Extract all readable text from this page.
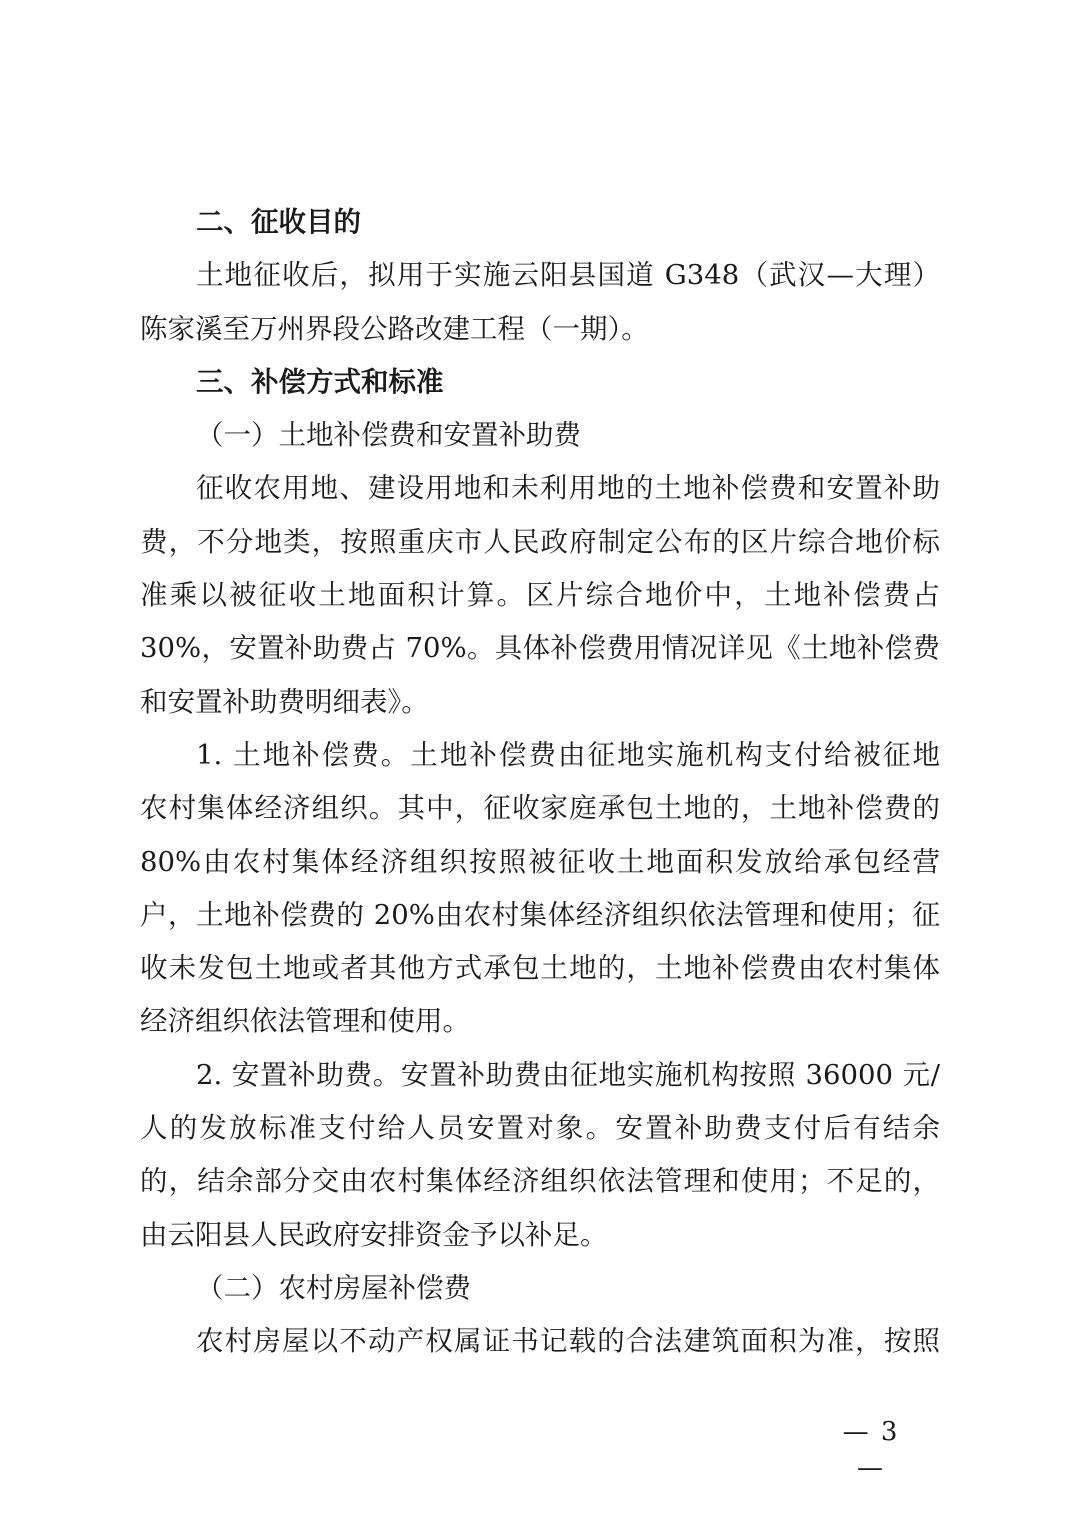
二、征收目的
土地征收后，拟用于实施云阳县国道 G348（武汉—大理）
陈家溪至万州界段公路改建工程（一期）。
三、补偿方式和标准
（一）土地补偿费和安置补助费
征收农用地、建设用地和未利用地的土地补偿费和安置补助
费，不分地类，按照重庆市人民政府制定公布的区片综合地价标
准乘以被征收土地面积计算。区片综合地价中，土地补偿费占
30%，安置补助费占 70%。具体补偿费用情况详见《土地补偿费
和安置补助费明细表》。
1. 土地补偿费。土地补偿费由征地实施机构支付给被征地
农村集体经济组织。其中，征收家庭承包土地的，土地补偿费的
80%由农村集体经济组织按照被征收土地面积发放给承包经营
户，土地补偿费的 20%由农村集体经济组织依法管理和使用；征
收未发包土地或者其他方式承包土地的，土地补偿费由农村集体
经济组织依法管理和使用。
2. 安置补助费。安置补助费由征地实施机构按照 36000 元/
人的发放标准支付给人员安置对象。安置补助费支付后有结余
的，结余部分交由农村集体经济组织依法管理和使用；不足的，
由云阳县人民政府安排资金予以补足。
（二）农村房屋补偿费
农村房屋以不动产权属证书记载的合法建筑面积为准，按照
— 3 —
